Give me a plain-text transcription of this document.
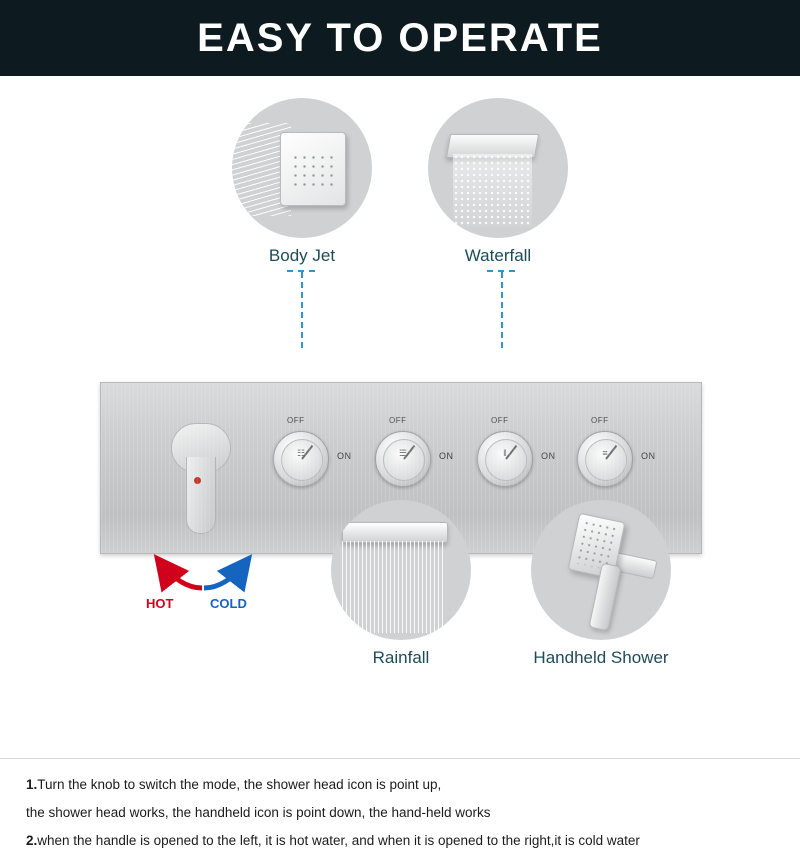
EASY TO OPERATE
Body Jet	Waterfall
OFF
☷	ON
OFF
☰	ON
OFF
‖	ON
OFF
≡	ON
HOT	COLD
Rainfall	Handheld Shower

1.Turn the knob to switch the mode, the shower head icon is point up,

the shower head works, the handheld icon is point down, the hand-held works

2.when the handle is opened to the left, it is hot water, and when it is opened to the right,it is cold water
